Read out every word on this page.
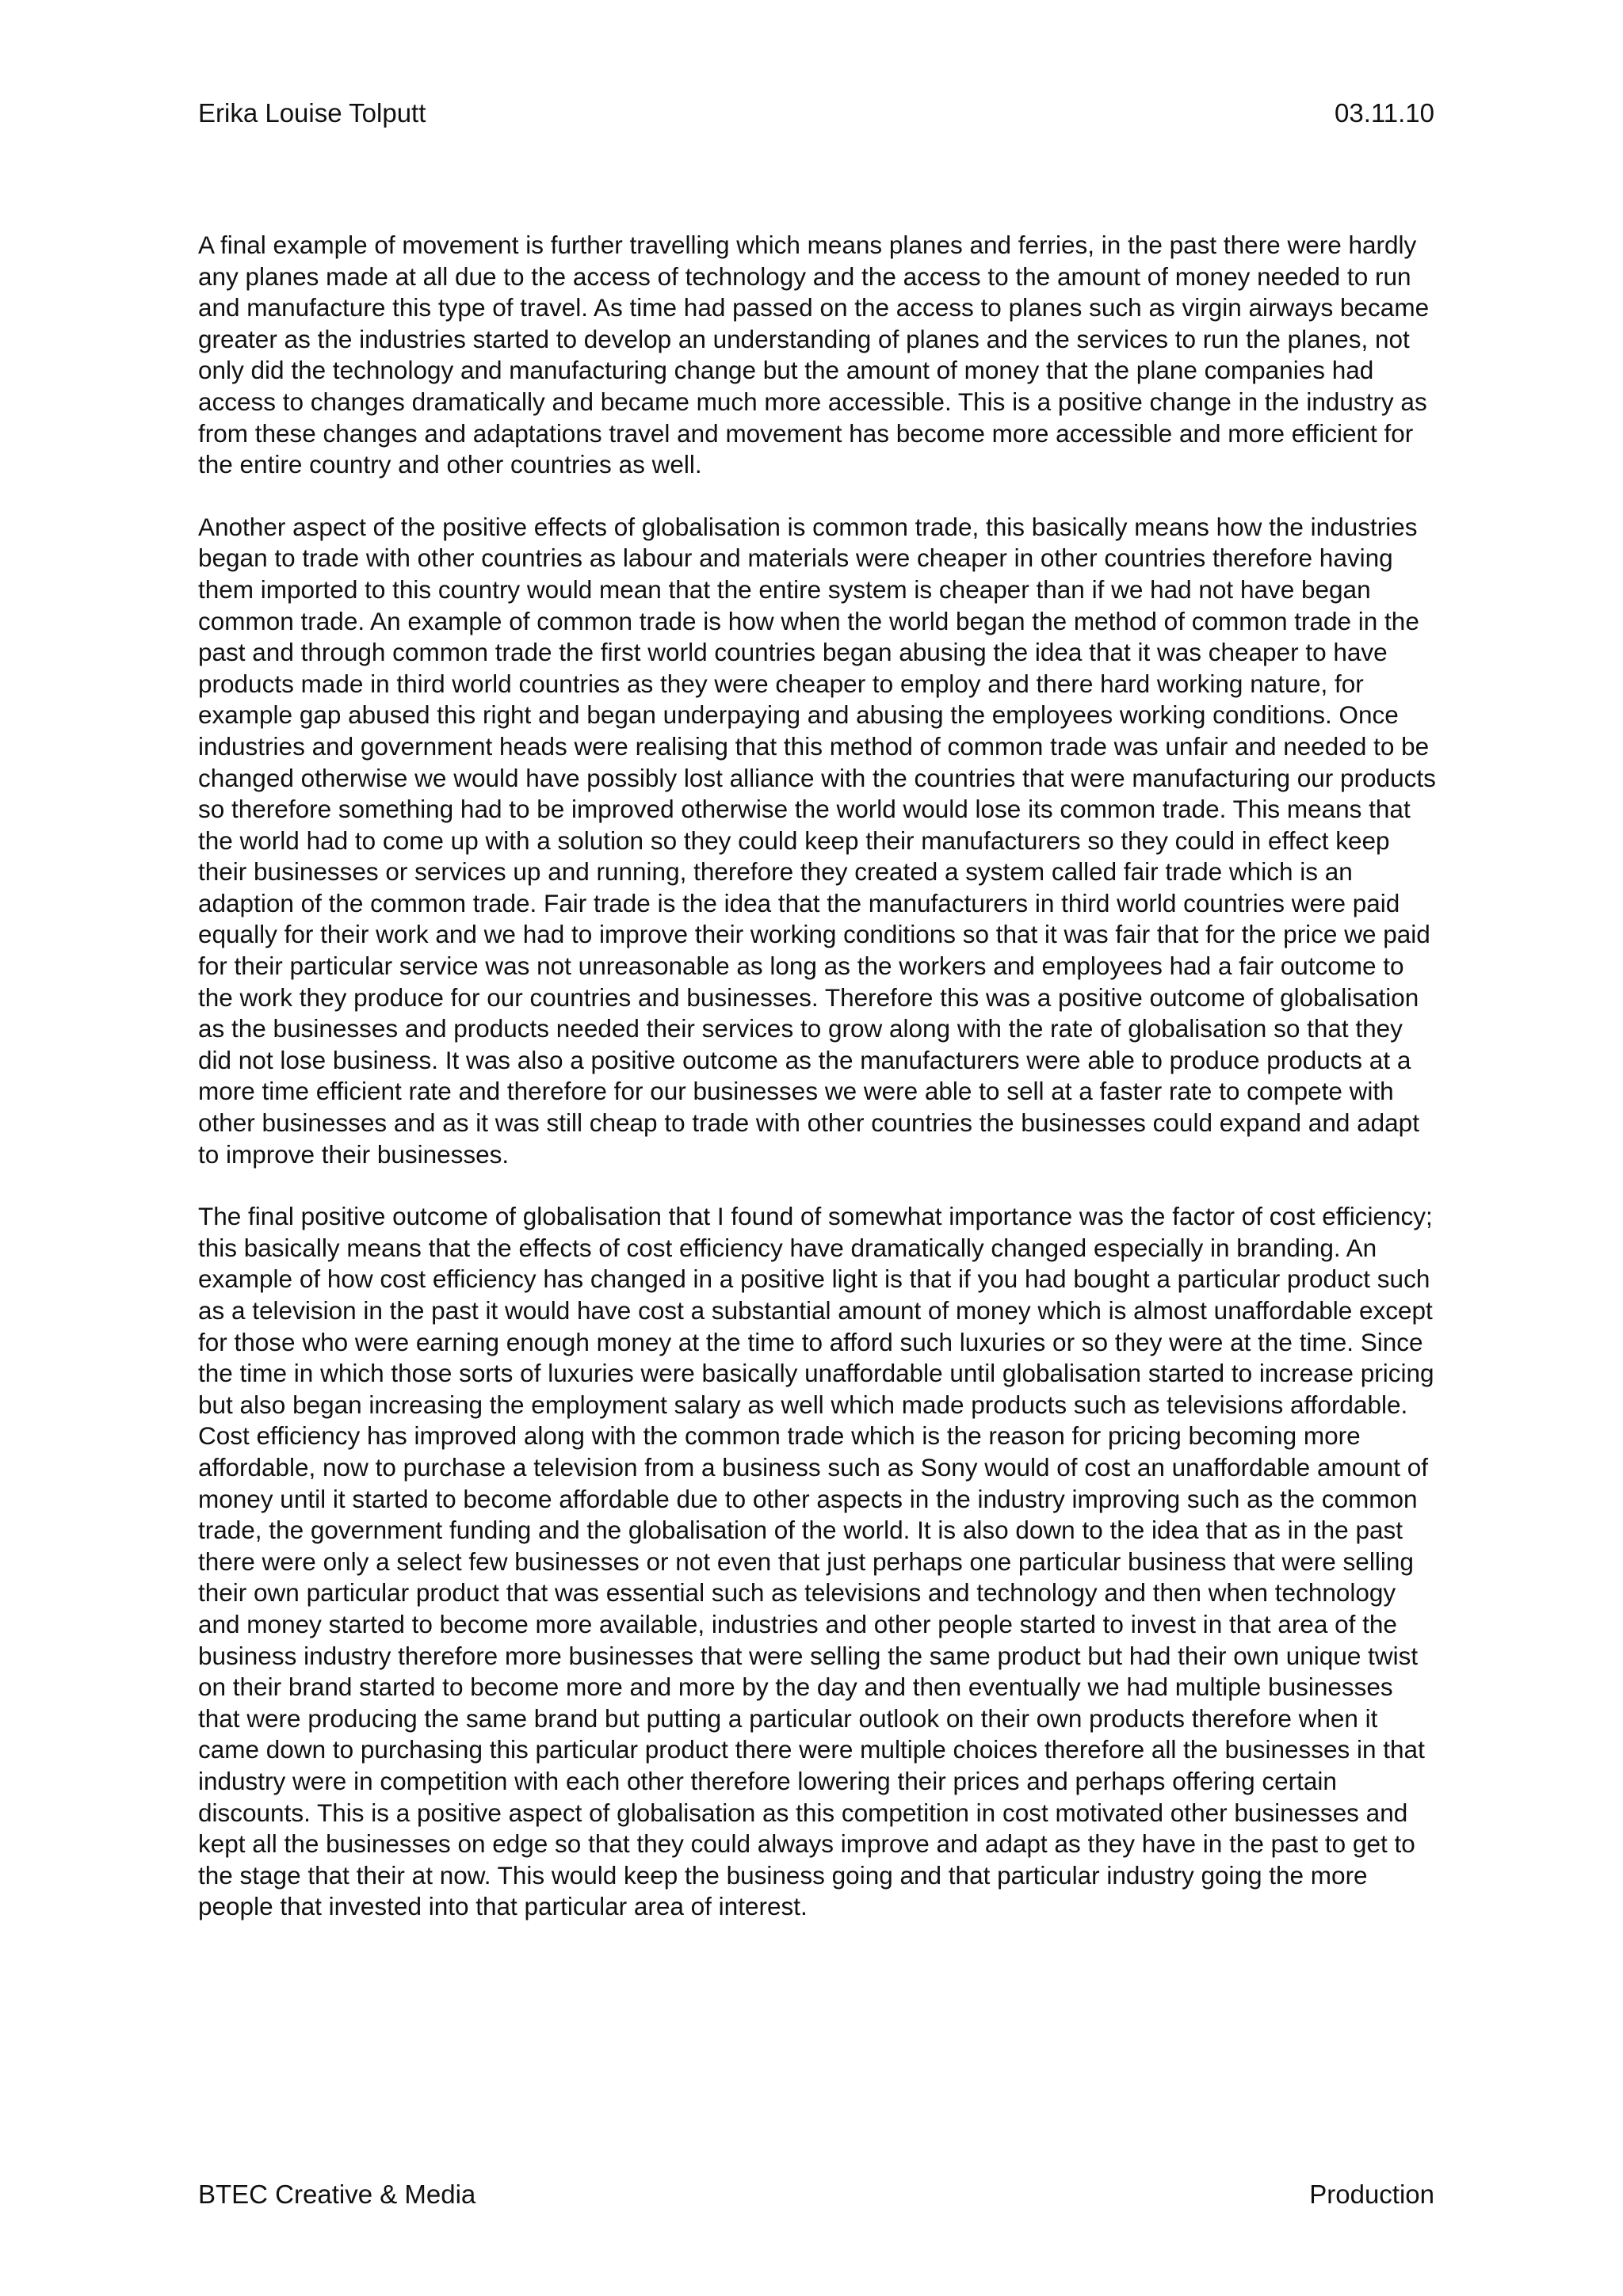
Erika Louise Tolputt	03.11.10

A final example of movement is further travelling which means planes and ferries, in the past there were hardly any planes made at all due to the access of technology and the access to the amount of money needed to run and manufacture this type of travel. As time had passed on the access to planes such as virgin airways became greater as the industries started to develop an understanding of planes and the services to run the planes, not only did the technology and manufacturing change but the amount of money that the plane companies had access to changes dramatically and became much more accessible. This is a positive change in the industry as from these changes and adaptations travel and movement has become more accessible and more efficient for the entire country and other countries as well.

Another aspect of the positive effects of globalisation is common trade, this basically means how the industries began to trade with other countries as labour and materials were cheaper in other countries therefore having them imported to this country would mean that the entire system is cheaper than if we had not have began common trade. An example of common trade is how when the world began the method of common trade in the past and through common trade the first world countries began abusing the idea that it was cheaper to have products made in third world countries as they were cheaper to employ and there hard working nature, for example gap abused this right and began underpaying and abusing the employees working conditions. Once industries and government heads were realising that this method of common trade was unfair and needed to be changed otherwise we would have possibly lost alliance with the countries that were manufacturing our products so therefore something had to be improved otherwise the world would lose its common trade. This means that the world had to come up with a solution so they could keep their manufacturers so they could in effect keep their businesses or services up and running, therefore they created a system called fair trade which is an adaption of the common trade. Fair trade is the idea that the manufacturers in third world countries were paid equally for their work and we had to improve their working conditions so that it was fair that for the price we paid for their particular service was not unreasonable as long as the workers and employees had a fair outcome to the work they produce for our countries and businesses. Therefore this was a positive outcome of globalisation as the businesses and products needed their services to grow along with the rate of globalisation so that they did not lose business. It was also a positive outcome as the manufacturers were able to produce products at a more time efficient rate and therefore for our businesses we were able to sell at a faster rate to compete with other businesses and as it was still cheap to trade with other countries the businesses could expand and adapt to improve their businesses.

The final positive outcome of globalisation that I found of somewhat importance was the factor of cost efficiency; this basically means that the effects of cost efficiency have dramatically changed especially in branding. An example of how cost efficiency has changed in a positive light is that if you had bought a particular product such as a television in the past it would have cost a substantial amount of money which is almost unaffordable except for those who were earning enough money at the time to afford such luxuries or so they were at the time. Since the time in which those sorts of luxuries were basically unaffordable until globalisation started to increase pricing but also began increasing the employment salary as well which made products such as televisions affordable. Cost efficiency has improved along with the common trade which is the reason for pricing becoming more affordable, now to purchase a television from a business such as Sony would of cost an unaffordable amount of money until it started to become affordable due to other aspects in the industry improving such as the common trade, the government funding and the globalisation of the world. It is also down to the idea that as in the past there were only a select few businesses or not even that just perhaps one particular business that were selling their own particular product that was essential such as televisions and technology and then when technology and money started to become more available, industries and other people started to invest in that area of the business industry therefore more businesses that were selling the same product but had their own unique twist on their brand started to become more and more by the day and then eventually we had multiple businesses that were producing the same brand but putting a particular outlook on their own products therefore when it came down to purchasing this particular product there were multiple choices therefore all the businesses in that industry were in competition with each other therefore lowering their prices and perhaps offering certain discounts. This is a positive aspect of globalisation as this competition in cost motivated other businesses and kept all the businesses on edge so that they could always improve and adapt as they have in the past to get to the stage that their at now. This would keep the business going and that particular industry going the more people that invested into that particular area of interest.

BTEC Creative & Media	Production
